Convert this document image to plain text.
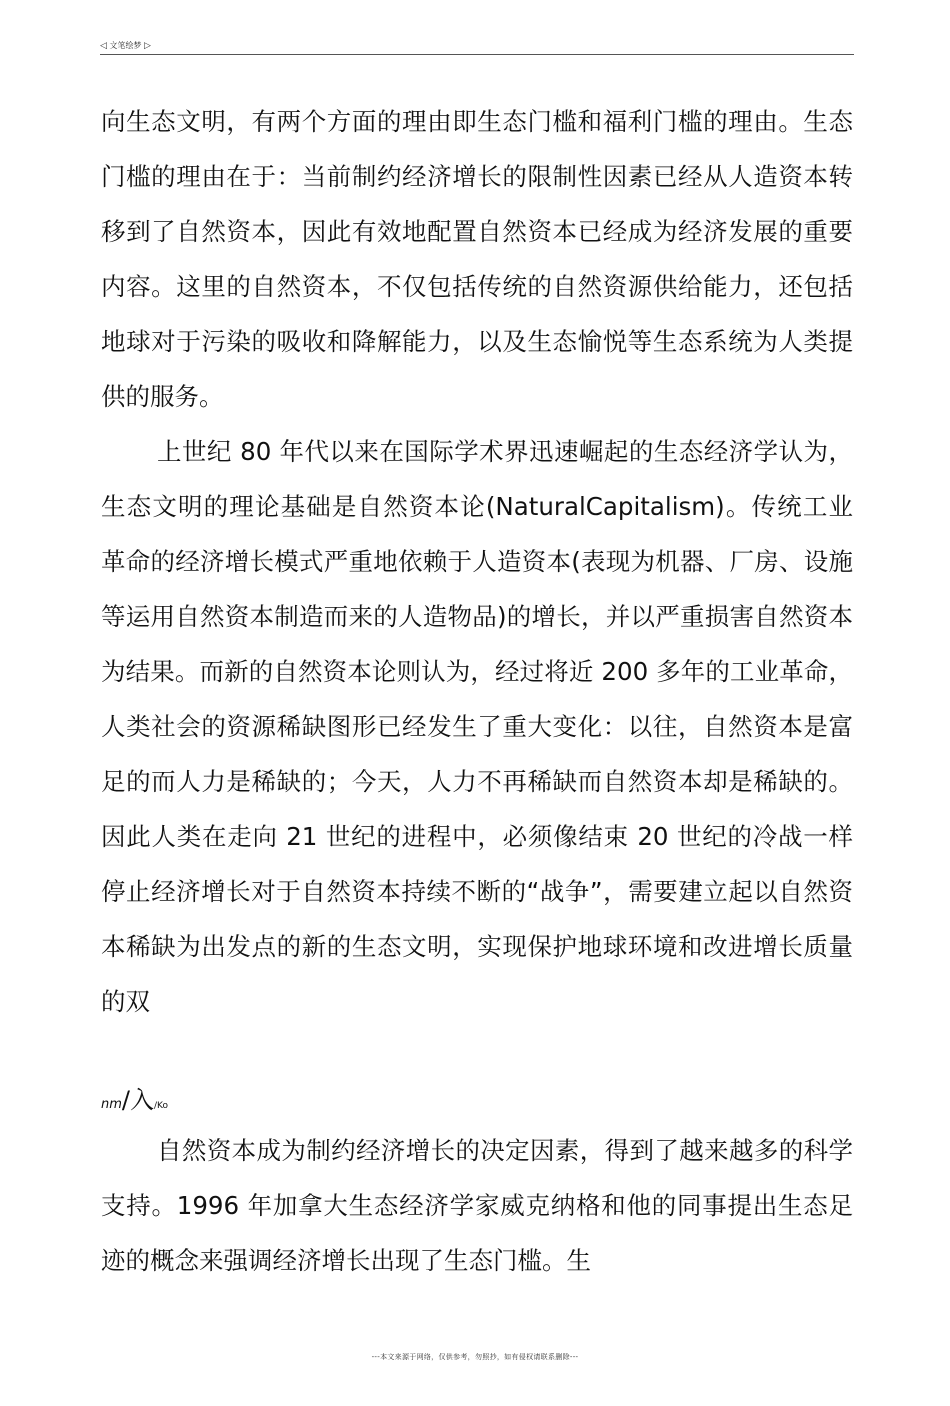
◁ 文笔绘梦 ▷

向生态文明，有两个方面的理由即生态门槛和福利门槛的理由。生态门槛的理由在于：当前制约经济增长的限制性因素已经从人造资本转移到了自然资本，因此有效地配置自然资本已经成为经济发展的重要内容。这里的自然资本，不仅包括传统的自然资源供给能力，还包括地球对于污染的吸收和降解能力，以及生态愉悦等生态系统为人类提供的服务。

上世纪 80 年代以来在国际学术界迅速崛起的生态经济学认为，生态文明的理论基础是自然资本论(NaturalCapitalism)。传统工业革命的经济增长模式严重地依赖于人造资本(表现为机器、厂房、设施等运用自然资本制造而来的人造物品)的增长，并以严重损害自然资本为结果。而新的自然资本论则认为，经过将近 200 多年的工业革命，人类社会的资源稀缺图形已经发生了重大变化：以往，自然资本是富足的而人力是稀缺的；今天，人力不再稀缺而自然资本却是稀缺的。因此人类在走向 21 世纪的进程中，必须像结束 20 世纪的冷战一样停止经济增长对于自然资本持续不断的“战争”，需要建立起以自然资本稀缺为出发点的新的生态文明，实现保护地球环境和改进增长质量的双

nm/入/Ko

自然资本成为制约经济增长的决定因素，得到了越来越多的科学支持。1996 年加拿大生态经济学家威克纳格和他的同事提出生态足迹的概念来强调经济增长出现了生态门槛。生

---本文来源于网络，仅供参考，勿照抄，如有侵权请联系删除---
